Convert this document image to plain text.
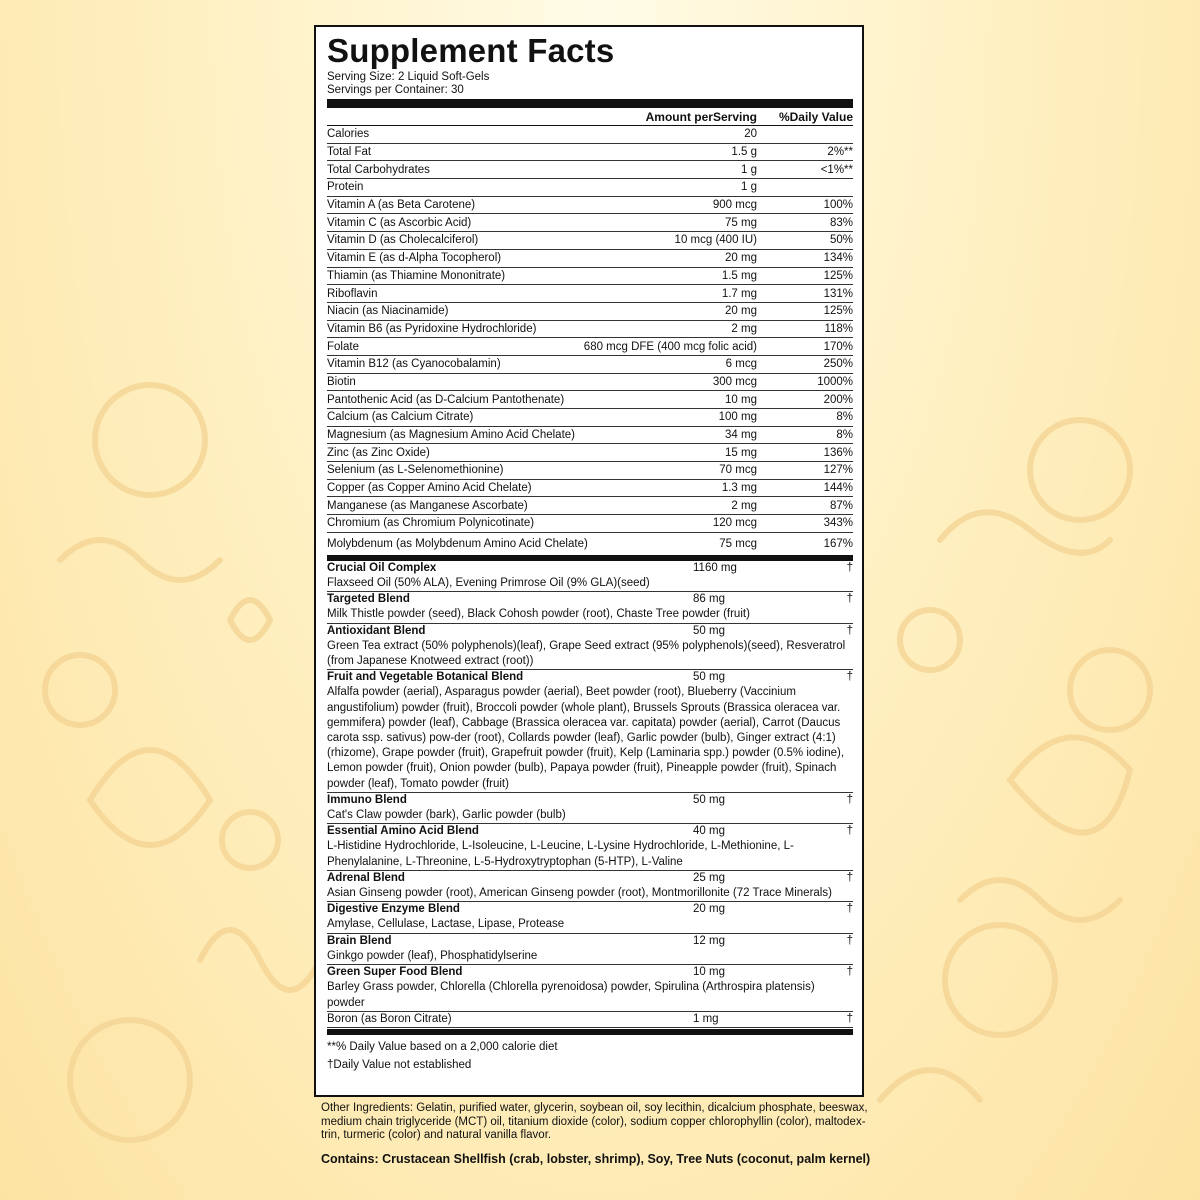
Supplement Facts
Serving Size: 2 Liquid Soft-Gels
Servings per Container: 30
Amount perServing	%Daily Value
Calories	20
Total Fat	1.5 g	2%**
Total Carbohydrates	1 g	<1%**
Protein	1 g
Vitamin A (as Beta Carotene)	900 mcg	100%
Vitamin C (as Ascorbic Acid)	75 mg	83%
Vitamin D (as Cholecalciferol)	10 mcg (400 IU)	50%
Vitamin E (as d-Alpha Tocopherol)	20 mg	134%
Thiamin (as Thiamine Mononitrate)	1.5 mg	125%
Riboflavin	1.7 mg	131%
Niacin (as Niacinamide)	20 mg	125%
Vitamin B6 (as Pyridoxine Hydrochloride)	2 mg	118%
Folate	680 mcg DFE (400 mcg folic acid)	170%
Vitamin B12 (as Cyanocobalamin)	6 mcg	250%
Biotin	300 mcg	1000%
Pantothenic Acid (as D-Calcium Pantothenate)	10 mg	200%
Calcium (as Calcium Citrate)	100 mg	8%
Magnesium (as Magnesium Amino Acid Chelate)	34 mg	8%
Zinc (as Zinc Oxide)	15 mg	136%
Selenium (as L-Selenomethionine)	70 mcg	127%
Copper (as Copper Amino Acid Chelate)	1.3 mg	144%
Manganese (as Manganese Ascorbate)	2 mg	87%
Chromium (as Chromium Polynicotinate)	120 mcg	343%
Molybdenum (as Molybdenum Amino Acid Chelate)	75 mcg	167%
Crucial Oil Complex	1160 mg	†
Flaxseed Oil (50% ALA), Evening Primrose Oil (9% GLA)(seed)
Targeted Blend	86 mg	†
Milk Thistle powder (seed), Black Cohosh powder (root), Chaste Tree powder (fruit)
Antioxidant Blend	50 mg	†
Green Tea extract (50% polyphenols)(leaf), Grape Seed extract (95% polyphenols)(seed), Resveratrol (from Japanese Knotweed extract (root))
Fruit and Vegetable Botanical Blend	50 mg	†
Alfalfa powder (aerial), Asparagus powder (aerial), Beet powder (root), Blueberry (Vaccinium angustifolium) powder (fruit), Broccoli powder (whole plant), Brussels Sprouts (Brassica oleracea var. gemmifera) powder (leaf), Cabbage (Brassica oleracea var. capitata) powder (aerial), Carrot (Daucus carota ssp. sativus) pow-der (root), Collards powder (leaf), Garlic powder (bulb), Ginger extract (4:1)(rhizome), Grape powder (fruit), Grapefruit powder (fruit), Kelp (Laminaria spp.) powder (0.5% iodine), Lemon powder (fruit), Onion powder (bulb), Papaya powder (fruit), Pineapple powder (fruit), Spinach powder (leaf), Tomato powder (fruit)
Immuno Blend	50 mg	†
Cat's Claw powder (bark), Garlic powder (bulb)
Essential Amino Acid Blend	40 mg	†
L-Histidine Hydrochloride, L-Isoleucine, L-Leucine, L-Lysine Hydrochloride, L-Methionine, L-Phenylalanine, L-Threonine, L-5-Hydroxytryptophan (5-HTP), L-Valine
Adrenal Blend	25 mg	†
Asian Ginseng powder (root), American Ginseng powder (root), Montmorillonite (72 Trace Minerals)
Digestive Enzyme Blend	20 mg	†
Amylase, Cellulase, Lactase, Lipase, Protease
Brain Blend	12 mg	†
Ginkgo powder (leaf), Phosphatidylserine
Green Super Food Blend	10 mg	†
Barley Grass powder, Chlorella (Chlorella pyrenoidosa) powder, Spirulina (Arthrospira platensis) powder
Boron (as Boron Citrate)	1 mg	†
**% Daily Value based on a 2,000 calorie diet
†Daily Value not established
Other Ingredients: Gelatin, purified water, glycerin, soybean oil, soy lecithin, dicalcium phosphate, beeswax, medium chain triglyceride (MCT) oil, titanium dioxide (color), sodium copper chlorophyllin (color), maltodex-trin, turmeric (color) and natural vanilla flavor.
Contains: Crustacean Shellfish (crab, lobster, shrimp), Soy, Tree Nuts (coconut, palm kernel)
